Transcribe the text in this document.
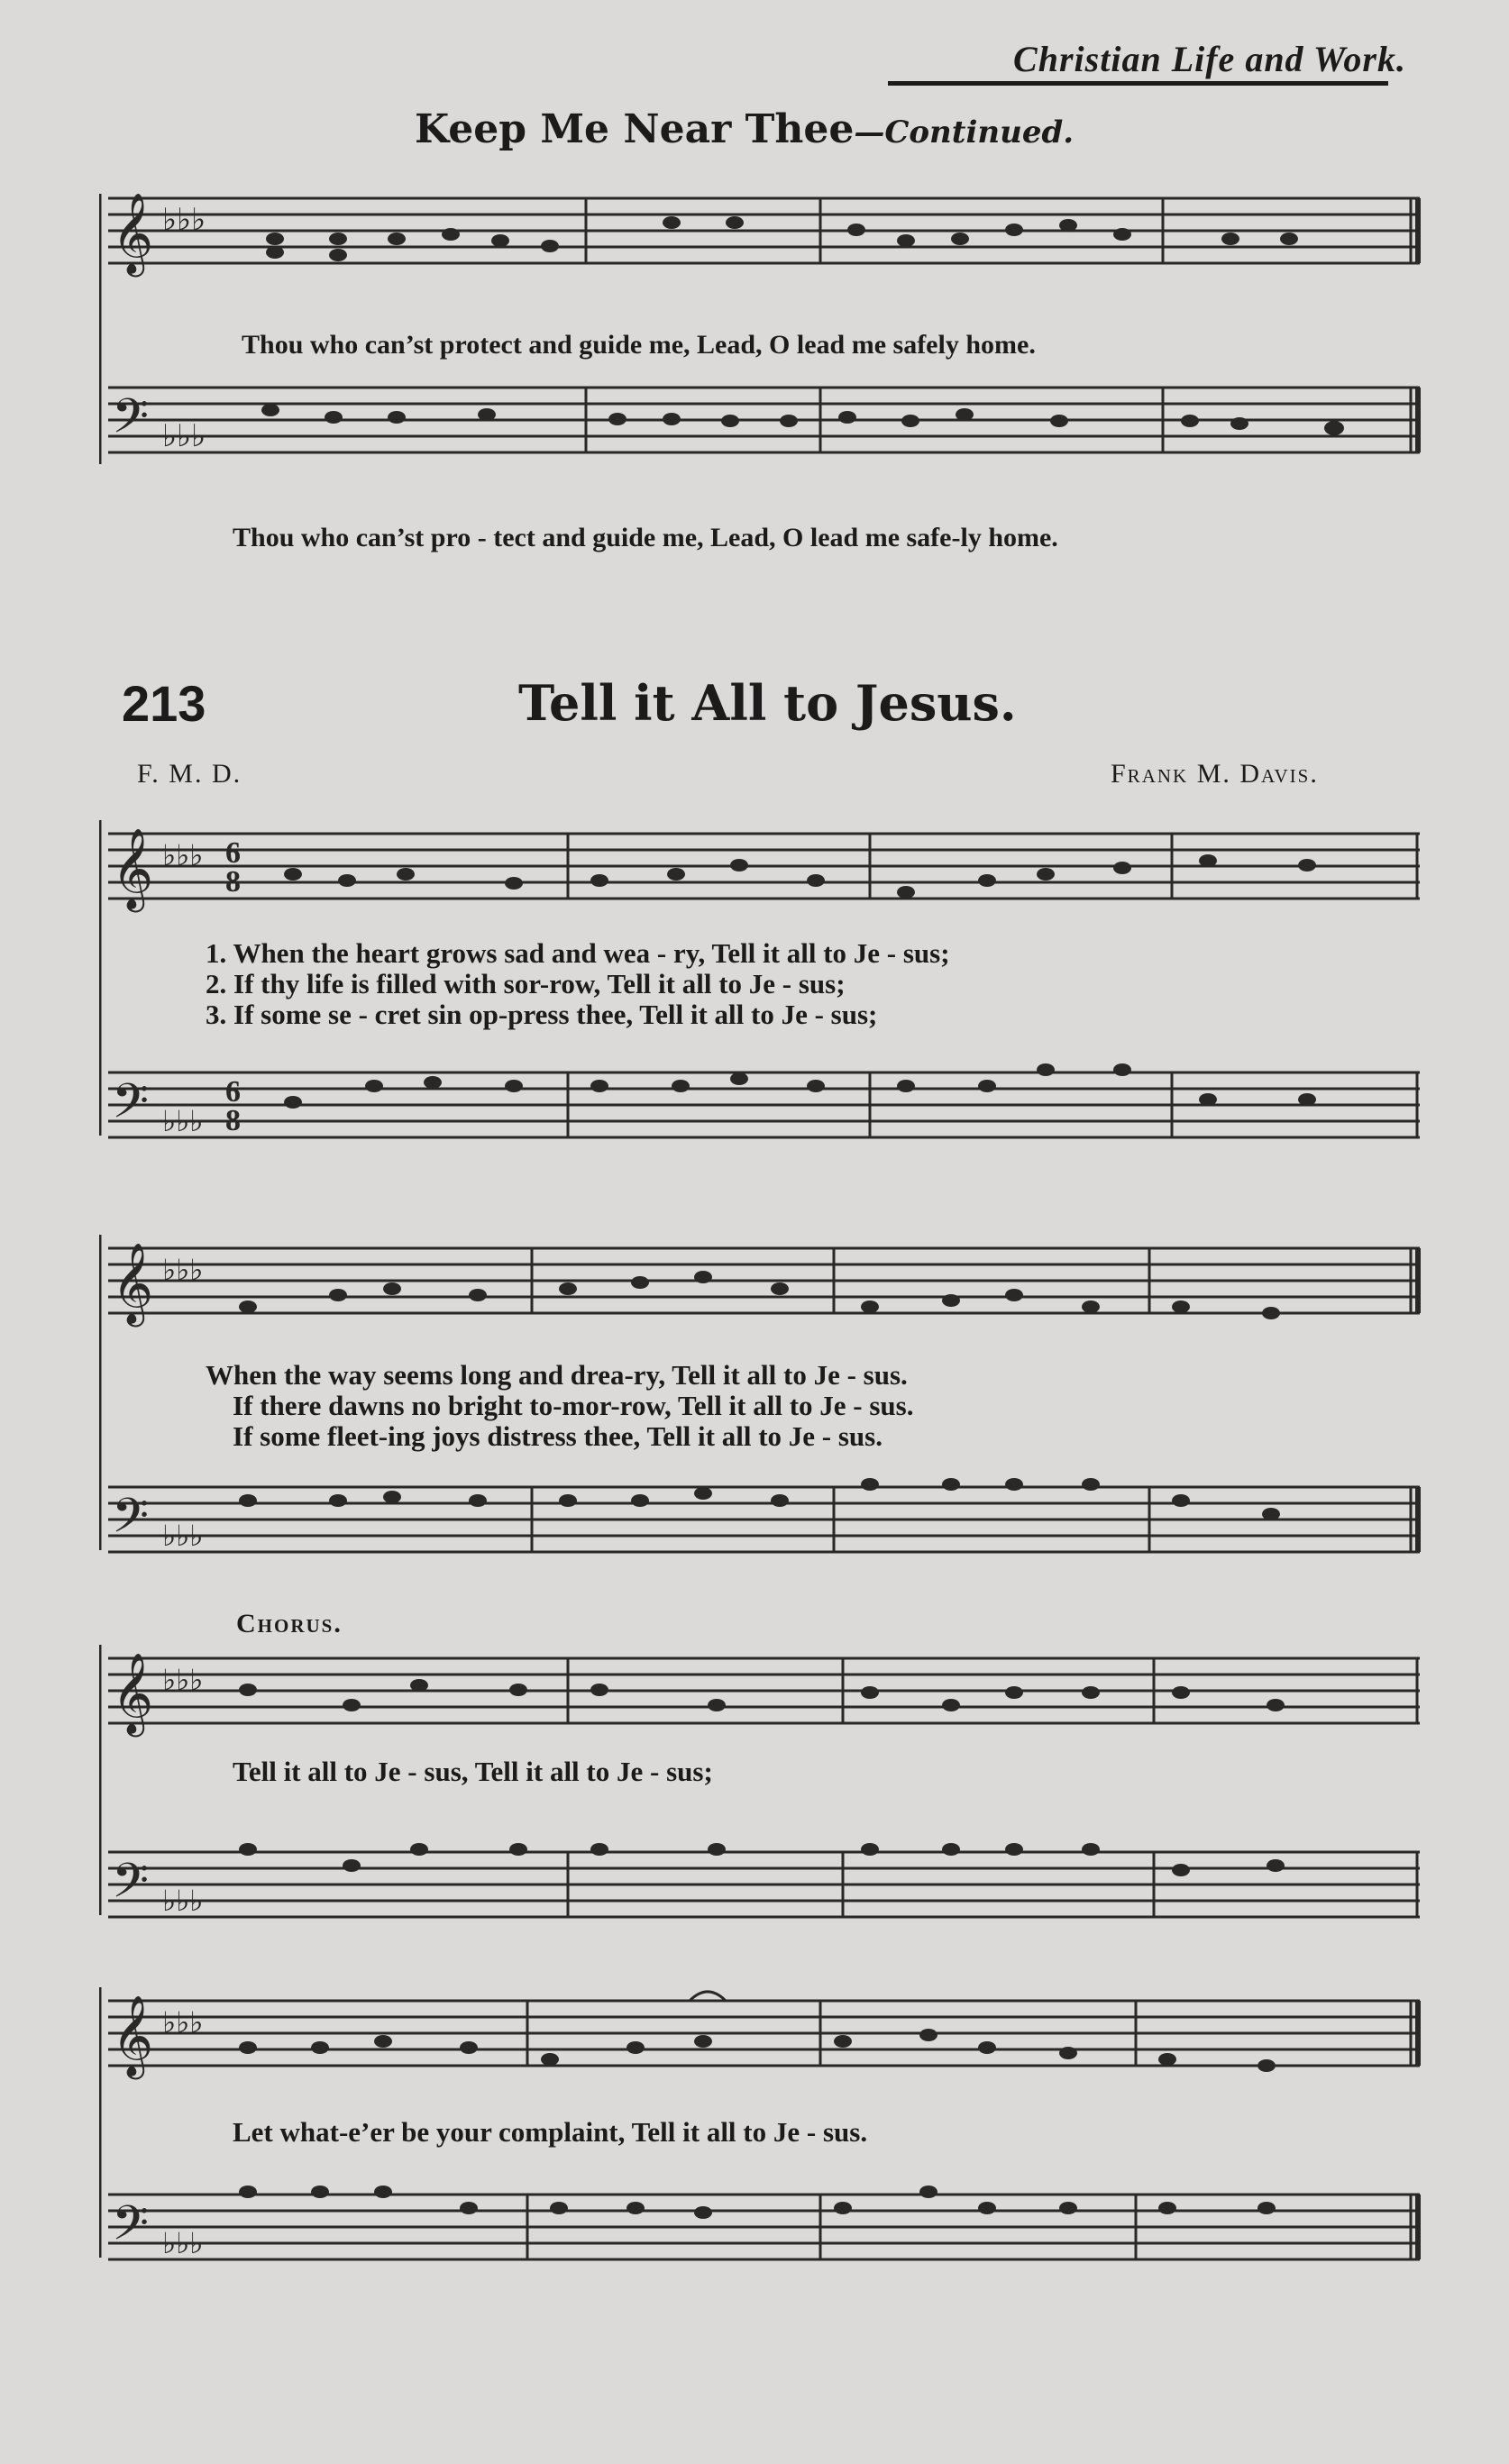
Christian Life and Work.
Keep Me Near Thee—Continued.
𝄞 ♭♭♭
𝄢 ♭♭♭
Thou who can’st protect and guide me, Lead, O lead me safely home.
Thou who can’st pro - tect and guide me, Lead, O lead me safe-ly home.
213	Tell it All to Jesus.
F. M. D.	Frank M. Davis.
𝄞 ♭♭♭ 6
8
𝄢 ♭♭♭
6
8
1. When the heart grows sad and wea - ry, Tell it all to Je - sus;
2. If thy life is filled with sor-row, Tell it all to Je - sus;
3. If some se - cret sin op-press thee, Tell it all to Je - sus;
𝄞 ♭♭♭
𝄢 ♭♭♭
When the way seems long and drea-ry, Tell it all to Je - sus.
If there dawns no bright to-mor-row, Tell it all to Je - sus.
If some fleet-ing joys distress thee, Tell it all to Je - sus.
Chorus.
𝄞 ♭♭♭
𝄢 ♭♭♭
Tell it all to Je - sus, Tell it all to Je - sus;
𝄞 ♭♭♭
𝄢 ♭♭♭
Let what-e’er be your complaint, Tell it all to Je - sus.
